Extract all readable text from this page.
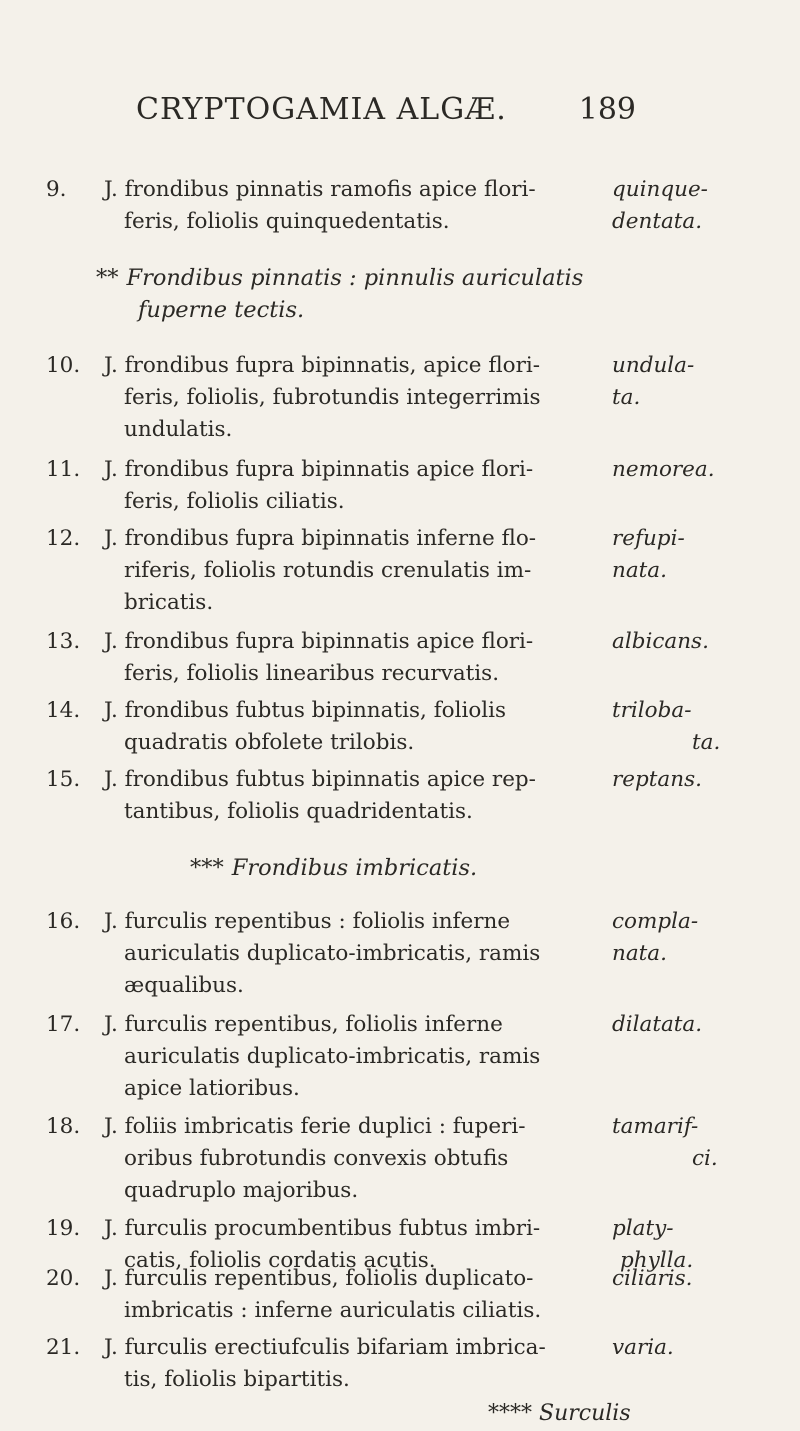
CRYPTOGAMIA ALGÆ. 189
9.	J. frondibus pinnatis ramofis apice flori-
feris, foliolis quinquedentatis.
quinque-
dentata.
** Frondibus pinnatis : pinnulis auriculatis
fuperne tectis.
10.	J. frondibus fupra bipinnatis, apice flori-
feris, foliolis, fubrotundis integerrimis
undulatis.
undula-
ta.
11.	J. frondibus fupra bipinnatis apice flori-
feris, foliolis ciliatis.
nemorea.
12.	J. frondibus fupra bipinnatis inferne flo-
riferis, foliolis rotundis crenulatis im-
bricatis.
refupi-
nata.
13.	J. frondibus fupra bipinnatis apice flori-
feris, foliolis linearibus recurvatis.
albicans.
14.	J. frondibus fubtus bipinnatis, foliolis
quadratis obfolete trilobis.
triloba-
ta.
15.	J. frondibus fubtus bipinnatis apice rep-
tantibus, foliolis quadridentatis.
reptans.
*** Frondibus imbricatis.
16.	J. furculis repentibus : foliolis inferne
auriculatis duplicato-imbricatis, ramis
æqualibus.
compla-
nata.
17.	J. furculis repentibus, foliolis inferne
auriculatis duplicato-imbricatis, ramis
apice latioribus.
dilatata.
18.	J. foliis imbricatis ferie duplici : fuperi-
oribus fubrotundis convexis obtufis
quadruplo majoribus.
tamarif-
ci.
19.	J. furculis procumbentibus fubtus imbri-
catis, foliolis cordatis acutis.
platy-
phylla.
**** Surculis
20.	J. furculis repentibus, foliolis duplicato-
imbricatis : inferne auriculatis ciliatis.
ciliaris.
21.	J. furculis erectiufculis bifariam imbrica-
tis, foliolis bipartitis.
varia.
